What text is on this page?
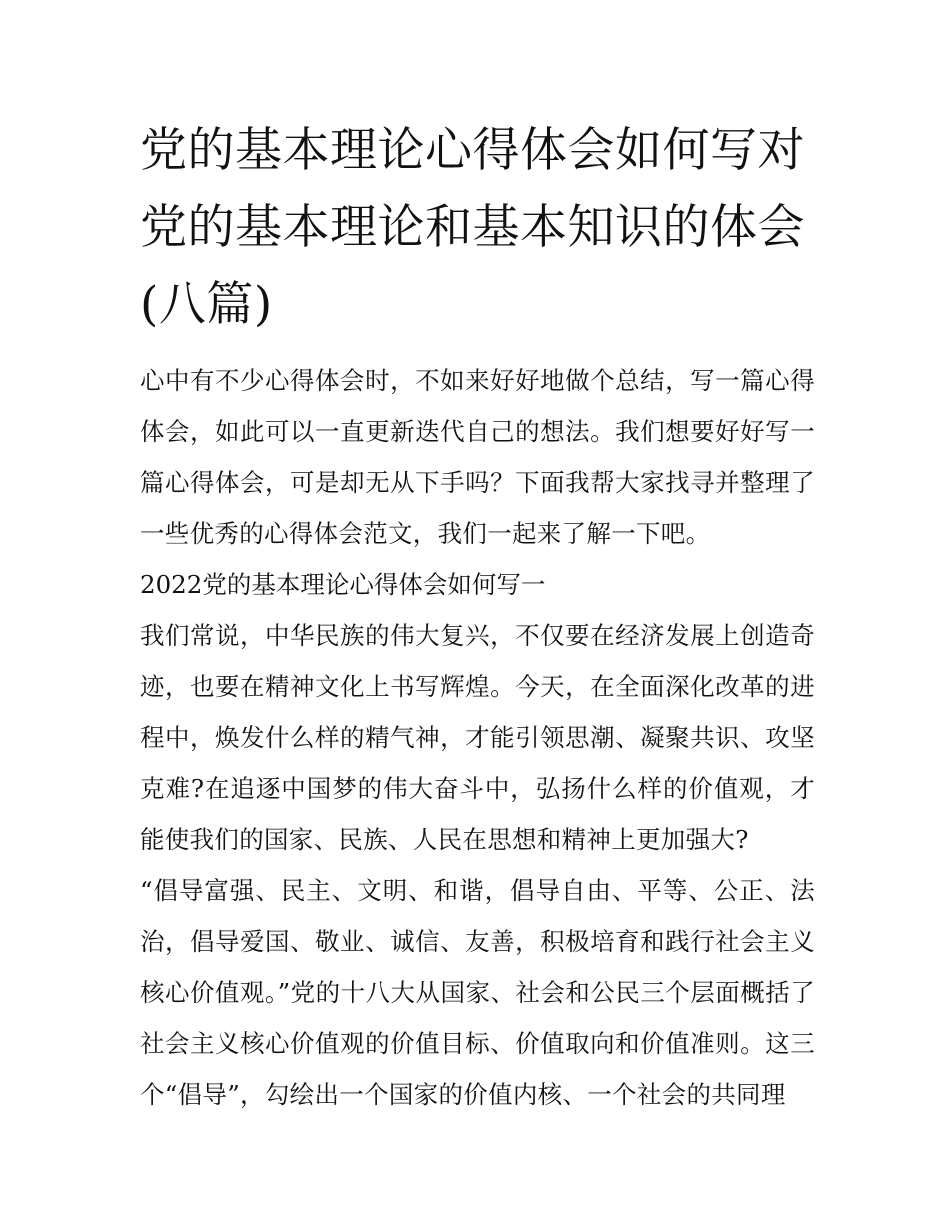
党的基本理论心得体会如何写对党的基本理论和基本知识的体会(八篇)

心中有不少心得体会时，不如来好好地做个总结，写一篇心得体会，如此可以一直更新迭代自己的想法。我们想要好好写一篇心得体会，可是却无从下手吗？下面我帮大家找寻并整理了一些优秀的心得体会范文，我们一起来了解一下吧。

2022党的基本理论心得体会如何写一

我们常说，中华民族的伟大复兴，不仅要在经济发展上创造奇迹，也要在精神文化上书写辉煌。今天，在全面深化改革的进程中，焕发什么样的精气神，才能引领思潮、凝聚共识、攻坚克难?在追逐中国梦的伟大奋斗中，弘扬什么样的价值观，才能使我们的国家、民族、人民在思想和精神上更加强大?

“倡导富强、民主、文明、和谐，倡导自由、平等、公正、法治，倡导爱国、敬业、诚信、友善，积极培育和践行社会主义核心价值观。”党的十八大从国家、社会和公民三个层面概括了社会主义核心价值观的价值目标、价值取向和价值准则。这三个“倡导”，勾绘出一个国家的价值内核、一个社会的共同理
